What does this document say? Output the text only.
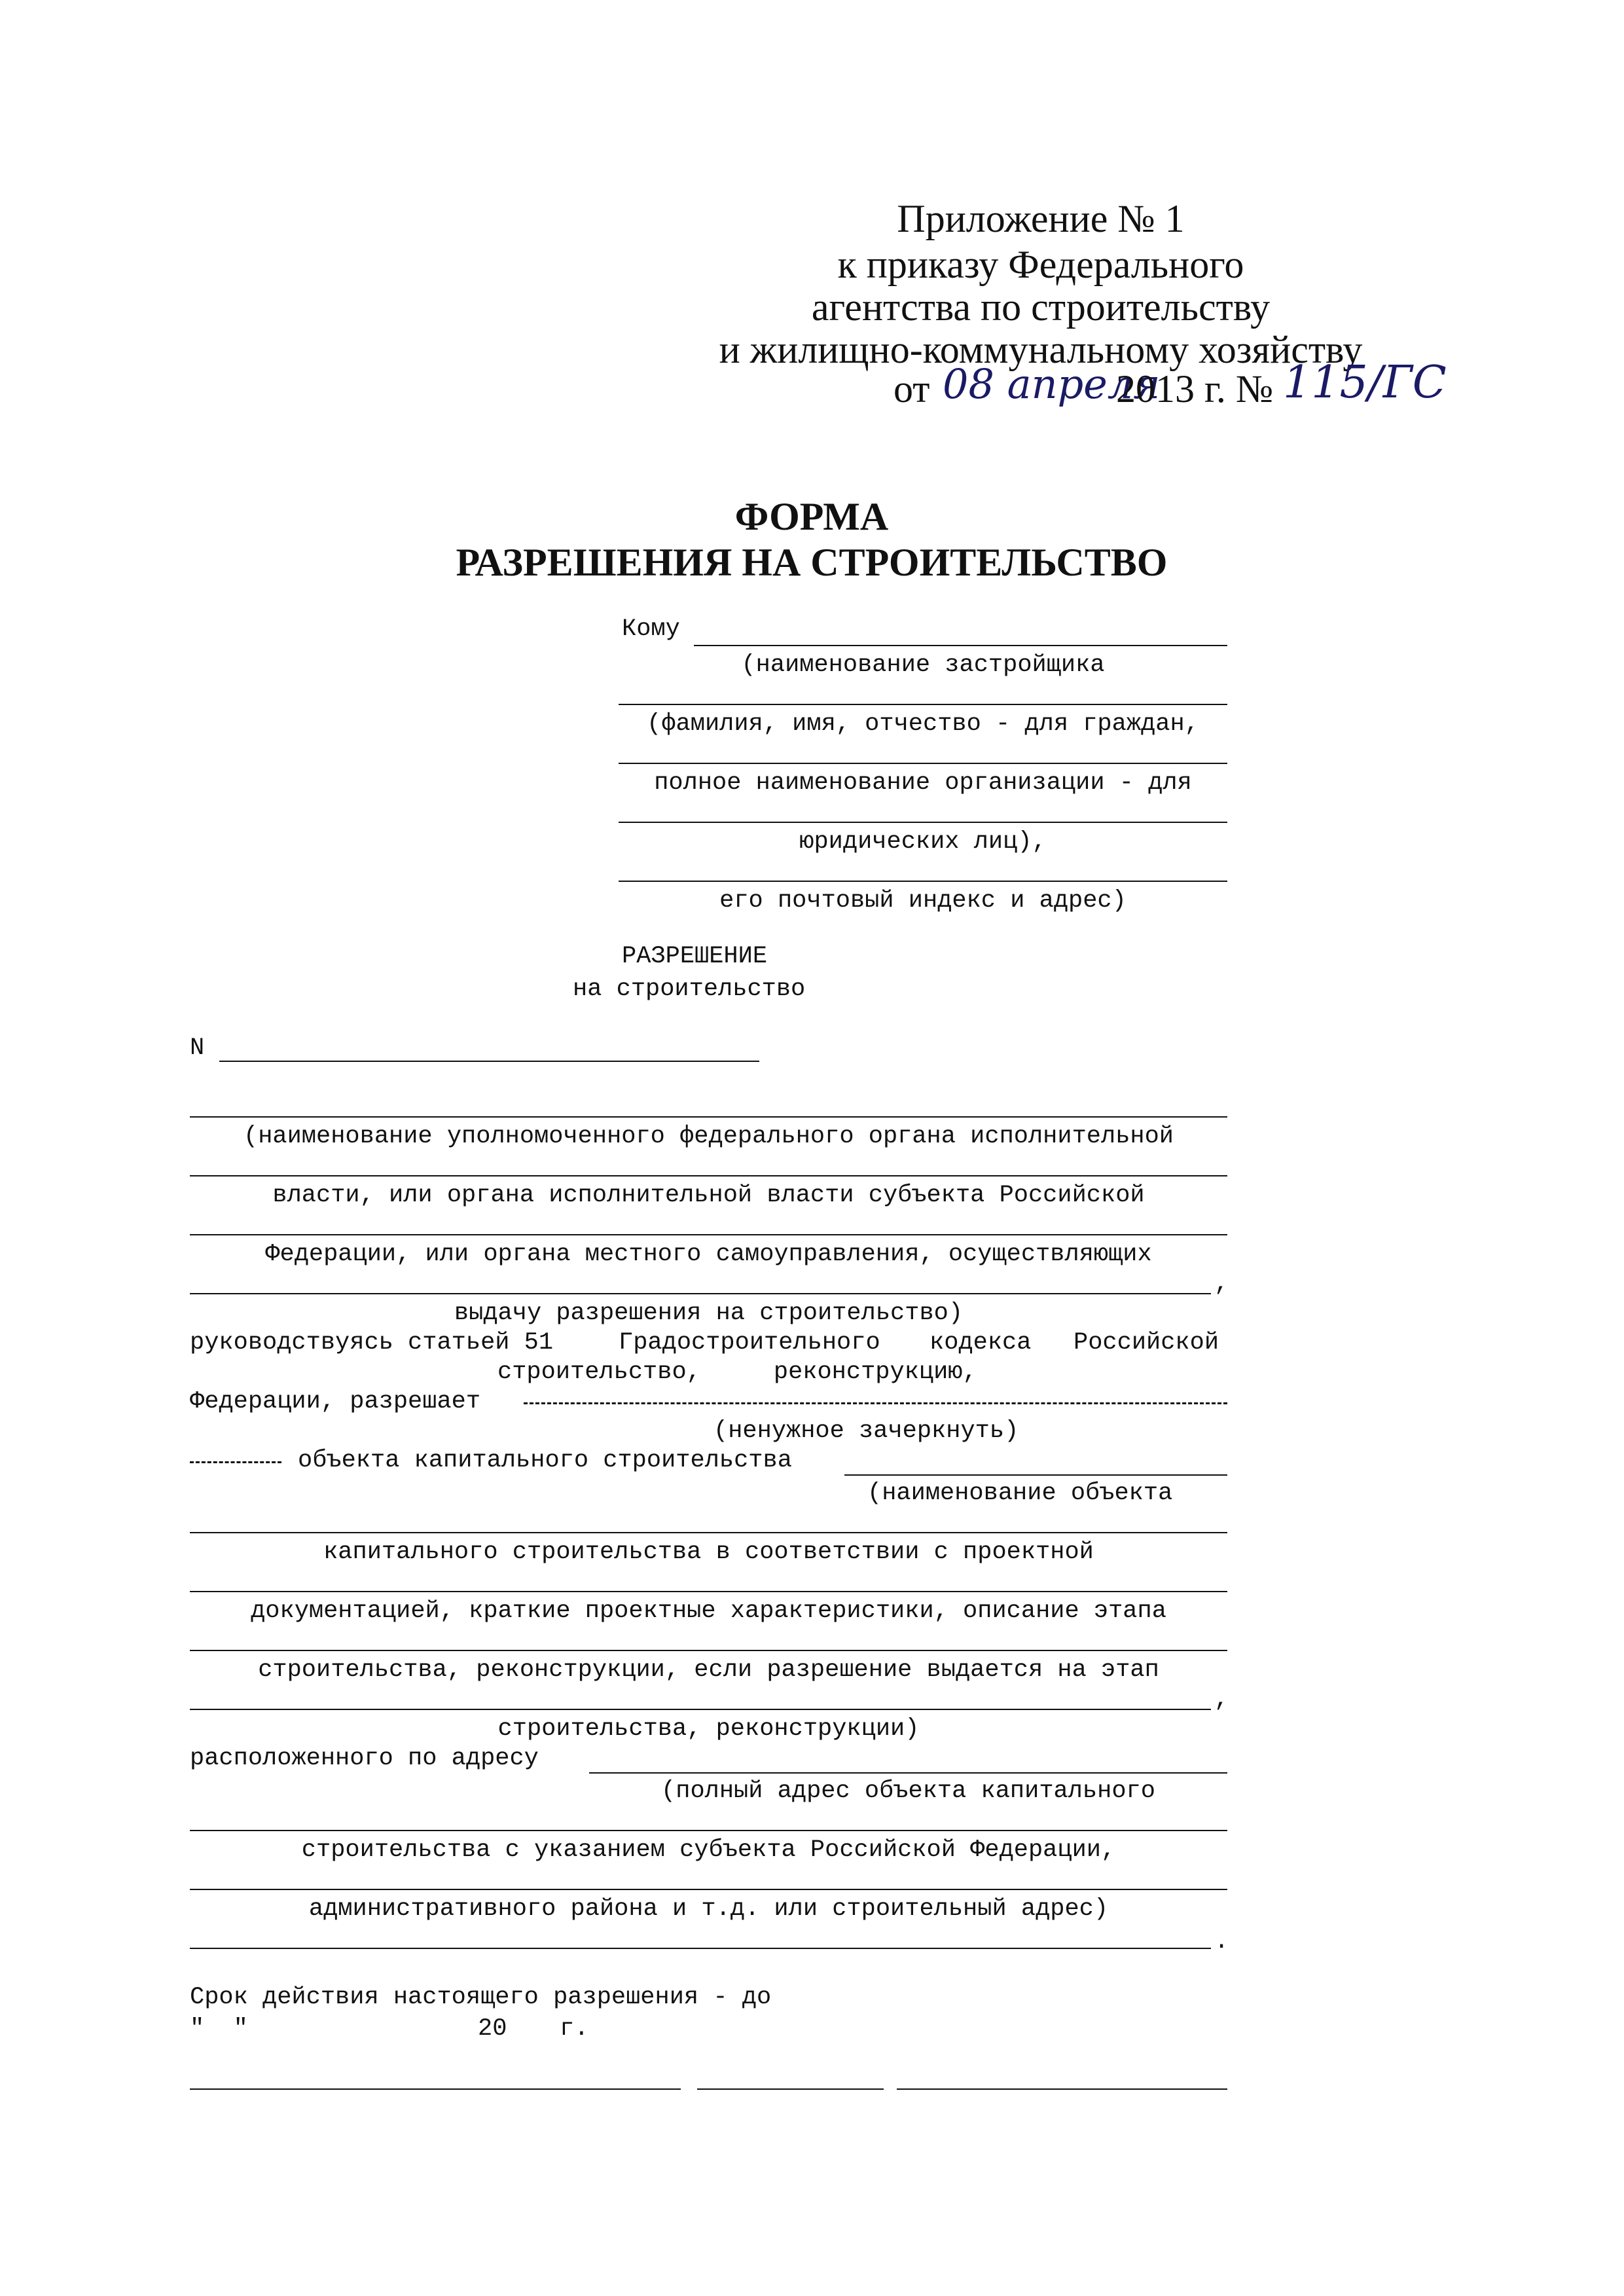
Приложение № 1
к приказу Федерального
агентства по строительству
и жилищно-коммунальному хозяйству
от 08 апреля
2013 г. № 115/ГС
ФОРМА
РАЗРЕШЕНИЯ НА СТРОИТЕЛЬСТВО
Кому
(наименование застройщика
(фамилия, имя, отчество - для граждан,
полное наименование организации - для
юридических лиц),
его почтовый индекс и адрес)
РАЗРЕШЕНИЕ
на строительство
N
(наименование уполномоченного федерального органа исполнительной
власти, или органа исполнительной власти субъекта Российской
Федерации, или органа местного самоуправления, осуществляющих
,
выдачу разрешения на строительство)
руководствуясь статьей 51	Градостроительного кодекса Российской
строительство,     реконструкцию,
Федерации, разрешает
(ненужное зачеркнуть)
объекта капитального строительства
(наименование объекта
капитального строительства в соответствии с проектной
документацией, краткие проектные характеристики, описание этапа
строительства, реконструкции, если разрешение выдается на этап
,
строительства, реконструкции)
расположенного по адресу
(полный адрес объекта капитального
строительства с указанием субъекта Российской Федерации,
административного района и т.д. или строительный адрес)
.
Срок действия настоящего разрешения - до
"  "	20 г.
